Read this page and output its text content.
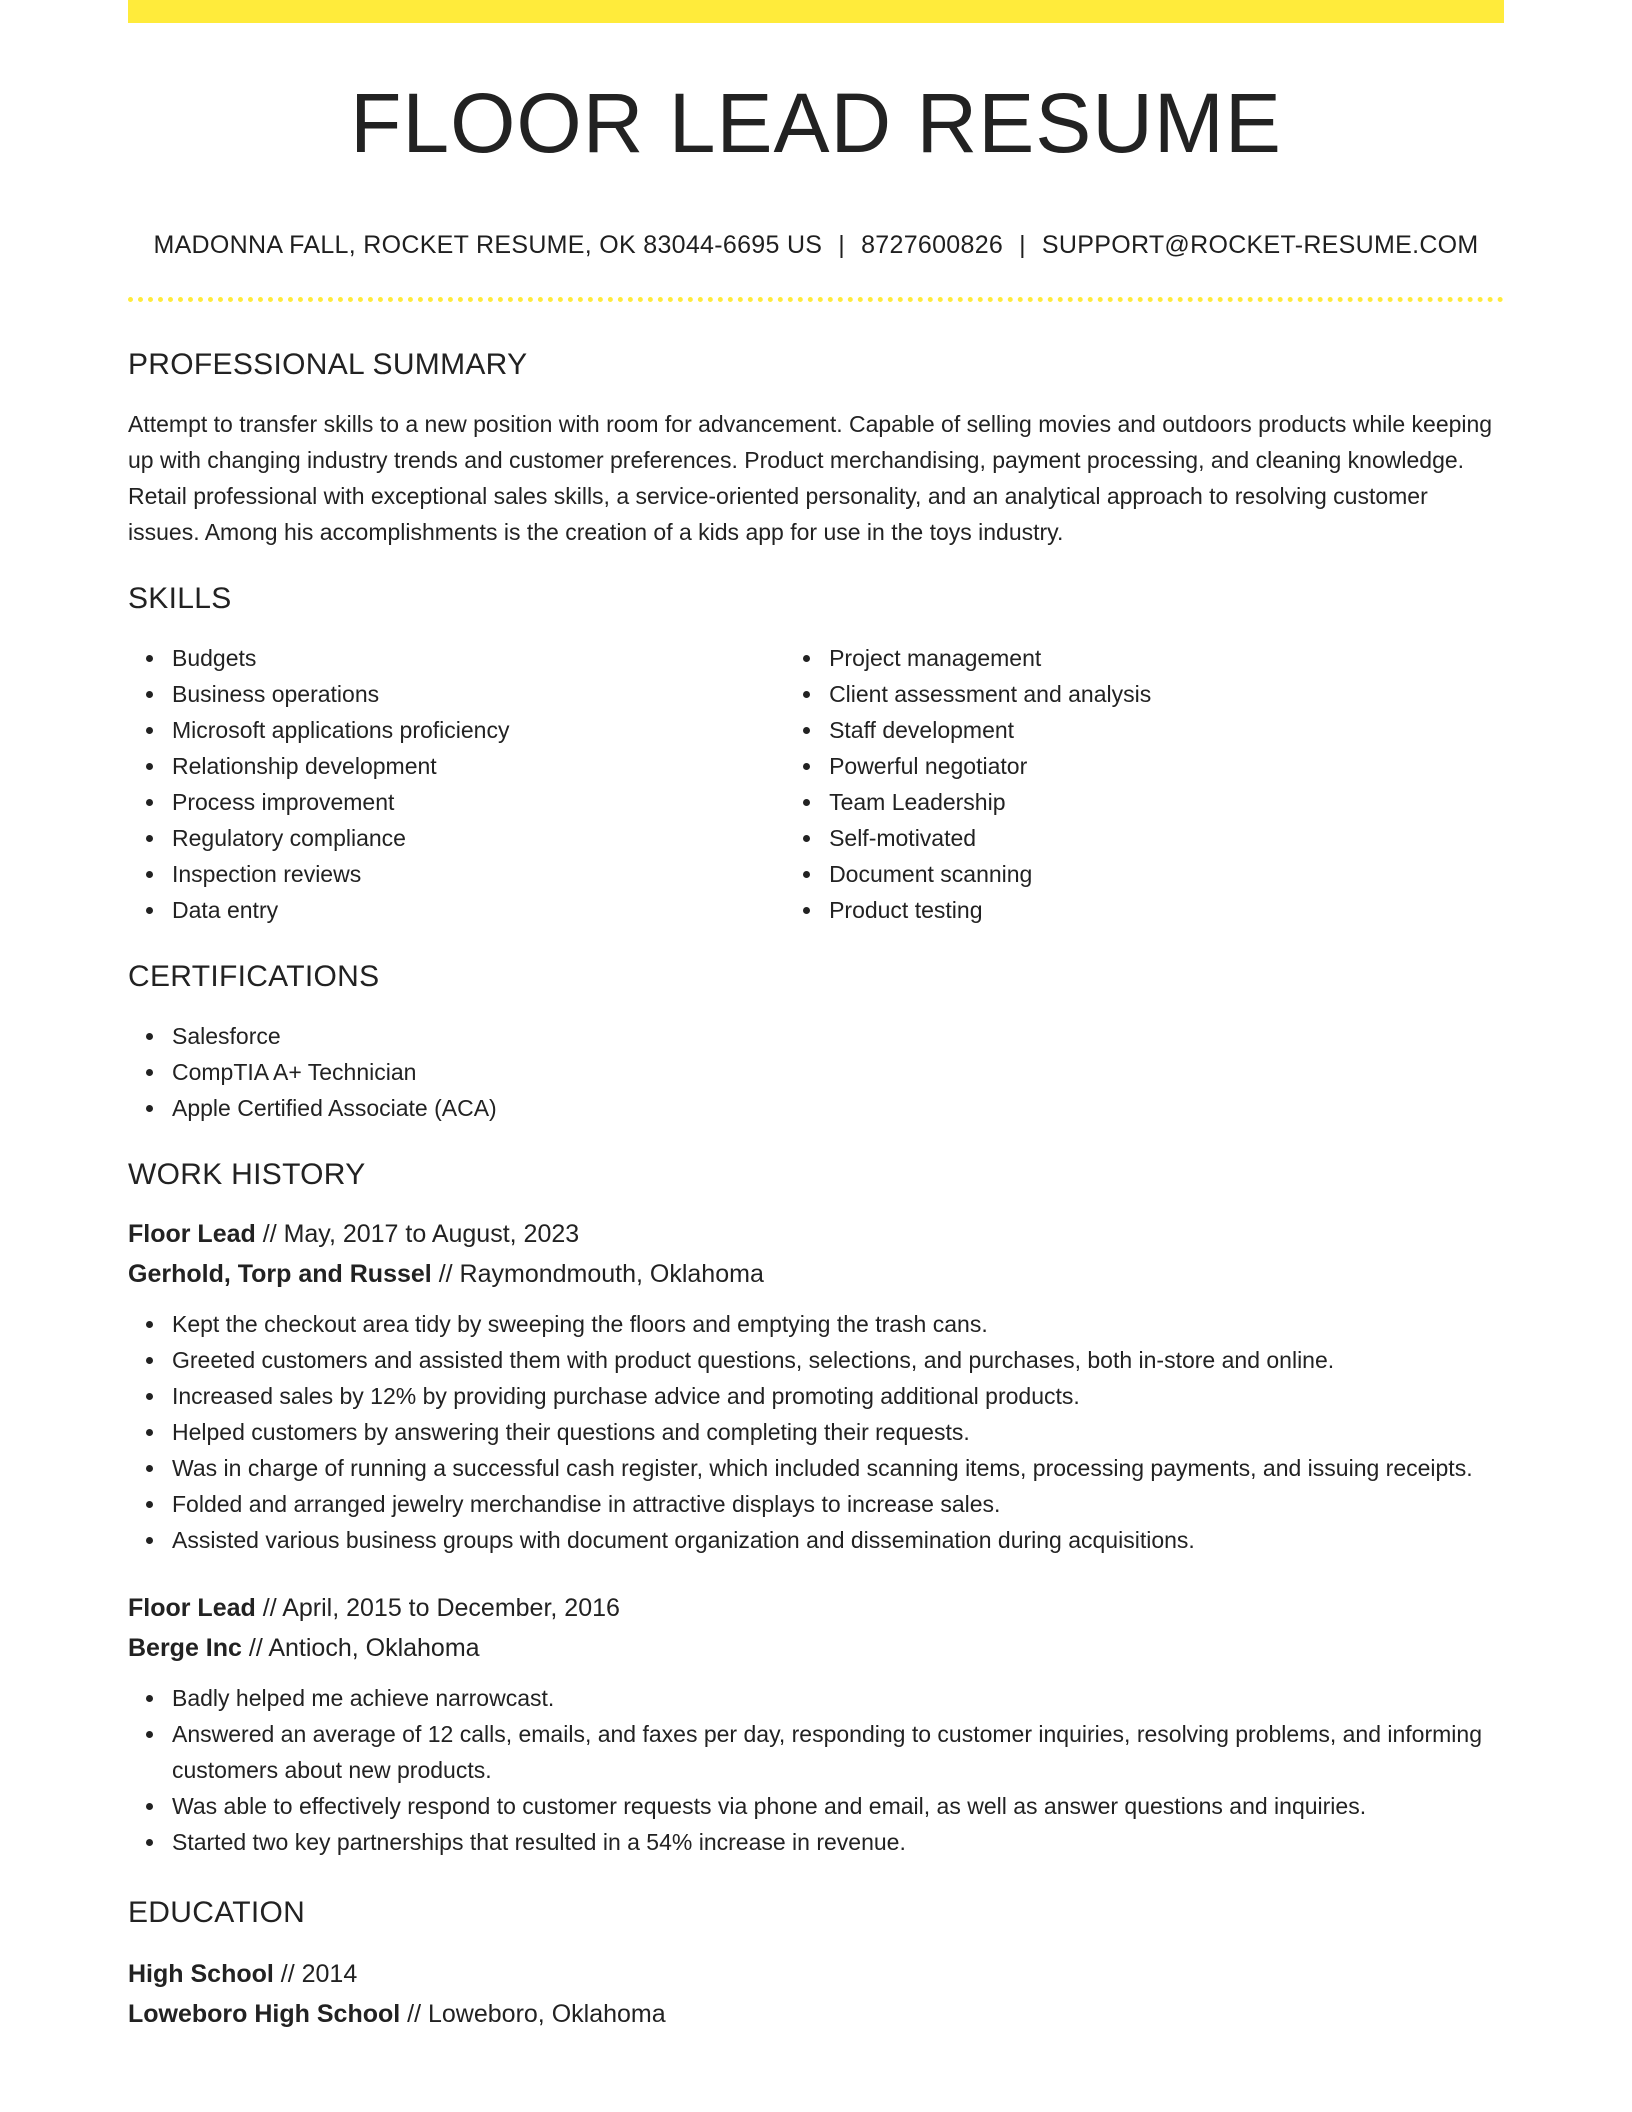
FLOOR LEAD RESUME
MADONNA FALL, ROCKET RESUME, OK 83044-6695 US | 8727600826 | SUPPORT@ROCKET-RESUME.COM
PROFESSIONAL SUMMARY

Attempt to transfer skills to a new position with room for advancement. Capable of selling movies and outdoors products while keeping up with changing industry trends and customer preferences. Product merchandising, payment processing, and cleaning knowledge. Retail professional with exceptional sales skills, a service-oriented personality, and an analytical approach to resolving customer issues. Among his accomplishments is the creation of a kids app for use in the toys industry.

SKILLS
Budgets
Business operations
Microsoft applications proficiency
Relationship development
Process improvement
Regulatory compliance
Inspection reviews
Data entry
Project management
Client assessment and analysis
Staff development
Powerful negotiator
Team Leadership
Self-motivated
Document scanning
Product testing
CERTIFICATIONS
Salesforce
CompTIA A+ Technician
Apple Certified Associate (ACA)
WORK HISTORY
Floor Lead // May, 2017 to August, 2023
Gerhold, Torp and Russel // Raymondmouth, Oklahoma
Kept the checkout area tidy by sweeping the floors and emptying the trash cans.
Greeted customers and assisted them with product questions, selections, and purchases, both in-store and online.
Increased sales by 12% by providing purchase advice and promoting additional products.
Helped customers by answering their questions and completing their requests.
Was in charge of running a successful cash register, which included scanning items, processing payments, and issuing receipts.
Folded and arranged jewelry merchandise in attractive displays to increase sales.
Assisted various business groups with document organization and dissemination during acquisitions.
Floor Lead // April, 2015 to December, 2016
Berge Inc // Antioch, Oklahoma
Badly helped me achieve narrowcast.
Answered an average of 12 calls, emails, and faxes per day, responding to customer inquiries, resolving problems, and informing customers about new products.
Was able to effectively respond to customer requests via phone and email, as well as answer questions and inquiries.
Started two key partnerships that resulted in a 54% increase in revenue.
EDUCATION
High School // 2014
Loweboro High School // Loweboro, Oklahoma
